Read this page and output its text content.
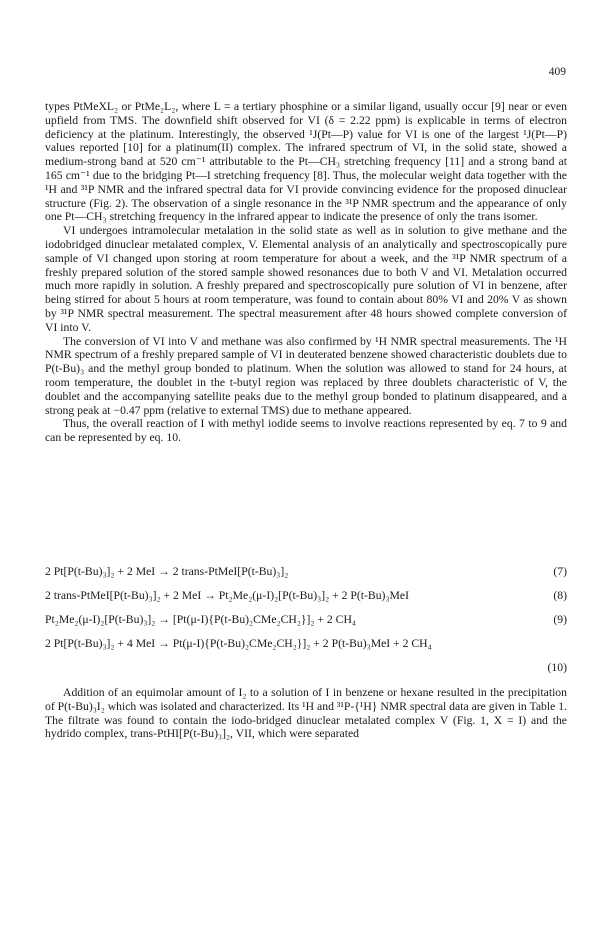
409

types PtMeXL₂ or PtMe₂L₂, where L = a tertiary phosphine or a similar ligand, usually occur [9] near or even upfield from TMS. The downfield shift observed for VI (δ = 2.22 ppm) is explicable in terms of electron deficiency at the platinum. Interestingly, the observed ¹J(Pt—P) value for VI is one of the largest ¹J(Pt—P) values reported [10] for a platinum(II) complex. The infrared spectrum of VI, in the solid state, showed a medium-strong band at 520 cm⁻¹ attributable to the Pt—CH₃ stretching frequency [11] and a strong band at 165 cm⁻¹ due to the bridging Pt—I stretching frequency [8]. Thus, the molecular weight data together with the ¹H and ³¹P NMR and the infrared spectral data for VI provide convincing evidence for the proposed dinuclear structure (Fig. 2). The observation of a single resonance in the ³¹P NMR spectrum and the appearance of only one Pt—CH₃ stretching frequency in the infrared appear to indicate the presence of only the trans isomer.

VI undergoes intramolecular metalation in the solid state as well as in solution to give methane and the iodobridged dinuclear metalated complex, V. Elemental analysis of an analytically and spectroscopically pure sample of VI changed upon storing at room temperature for about a week, and the ³¹P NMR spectrum of a freshly prepared solution of the stored sample showed resonances due to both V and VI. Metalation occurred much more rapidly in solution. A freshly prepared and spectroscopically pure solution of VI in benzene, after being stirred for about 5 hours at room temperature, was found to contain about 80% VI and 20% V as shown by ³¹P NMR spectral measurement. The spectral measurement after 48 hours showed complete conversion of VI into V.

The conversion of VI into V and methane was also confirmed by ¹H NMR spectral measurements. The ¹H NMR spectrum of a freshly prepared sample of VI in deuterated benzene showed characteristic doublets due to P(t-Bu)₃ and the methyl group bonded to platinum. When the solution was allowed to stand for 24 hours, at room temperature, the doublet in the t-butyl region was replaced by three doublets characteristic of V, the doublet and the accompanying satellite peaks due to the methyl group bonded to platinum disappeared, and a strong peak at −0.47 ppm (relative to external TMS) due to methane appeared.

Thus, the overall reaction of I with methyl iodide seems to involve reactions represented by eq. 7 to 9 and can be represented by eq. 10.

2 Pt[P(t-Bu)₃]₂ + 2 MeI → 2 trans-PtMeI[P(t-Bu)₃]₂	(7)
2 trans-PtMeI[P(t-Bu)₃]₂ + 2 MeI → Pt₂Me₂(μ-I)₂[P(t-Bu)₃]₂ + 2 P(t-Bu)₃MeI	(8)
Pt₂Me₂(μ-I)₂[P(t-Bu)₃]₂ → [Pt(μ-I){P(t-Bu)₂CMe₂CH₂}]₂ + 2 CH₄	(9)
2 Pt[P(t-Bu)₃]₂ + 4 MeI → Pt(μ-I){P(t-Bu)₂CMe₂CH₂}]₂ + 2 P(t-Bu)₃MeI + 2 CH₄
(10)

Addition of an equimolar amount of I₂ to a solution of I in benzene or hexane resulted in the precipitation of P(t-Bu)₃I₂ which was isolated and characterized. Its ¹H and ³¹P-{¹H} NMR spectral data are given in Table 1. The filtrate was found to contain the iodo-bridged dinuclear metalated complex V (Fig. 1, X = I) and the hydrido complex, trans-PtHI[P(t-Bu)₃]₂, VII, which were separated
